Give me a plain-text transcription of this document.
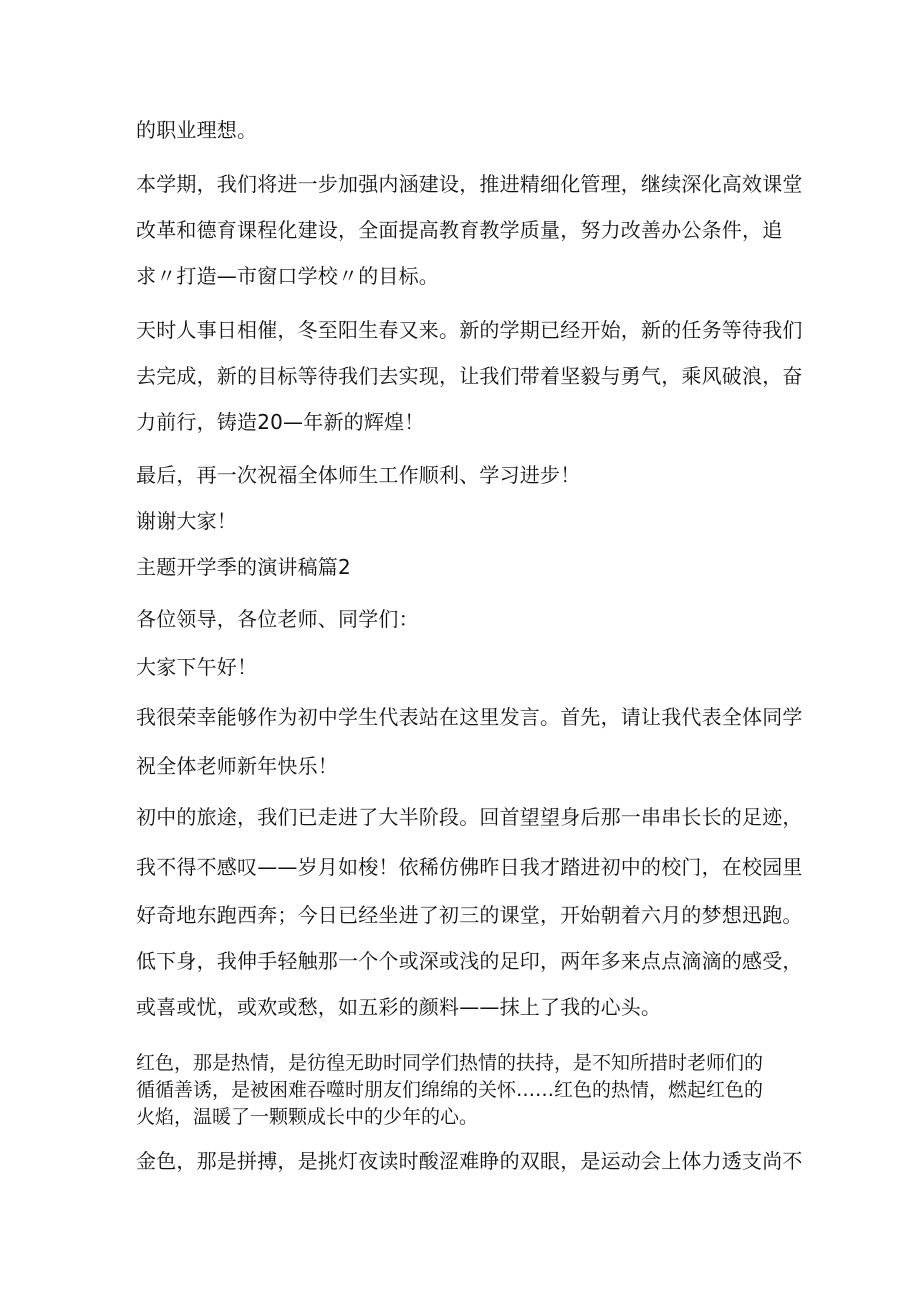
的职业理想。

本学期，我们将进一步加强内涵建设，推进精细化管理，继续深化高效课堂

改革和德育课程化建设，全面提高教育教学质量，努力改善办公条件，追

求〃打造—市窗口学校〃的目标。

天时人事日相催，冬至阳生春又来。新的学期已经开始，新的任务等待我们

去完成，新的目标等待我们去实现，让我们带着坚毅与勇气，乘风破浪，奋

力前行，铸造20—年新的辉煌！

最后，再一次祝福全体师生工作顺利、学习进步！

谢谢大家！

主题开学季的演讲稿篇2

各位领导，各位老师、同学们：

大家下午好！

我很荣幸能够作为初中学生代表站在这里发言。首先，请让我代表全体同学

祝全体老师新年快乐！

初中的旅途，我们已走进了大半阶段。回首望望身后那一串串长长的足迹，

我不得不感叹——岁月如梭！依稀仿佛昨日我才踏进初中的校门，在校园里

好奇地东跑西奔；今日已经坐进了初三的课堂，开始朝着六月的梦想迅跑。

低下身，我伸手轻触那一个个或深或浅的足印，两年多来点点滴滴的感受，

或喜或忧，或欢或愁，如五彩的颜料——抹上了我的心头。

红色，那是热情，是彷徨无助时同学们热情的扶持，是不知所措时老师们的

循循善诱，是被困难吞噬时朋友们绵绵的关怀……红色的热情，燃起红色的

火焰，温暖了一颗颗成长中的少年的心。

金色，那是拼搏，是挑灯夜读时酸涩难睁的双眼，是运动会上体力透支尚不
